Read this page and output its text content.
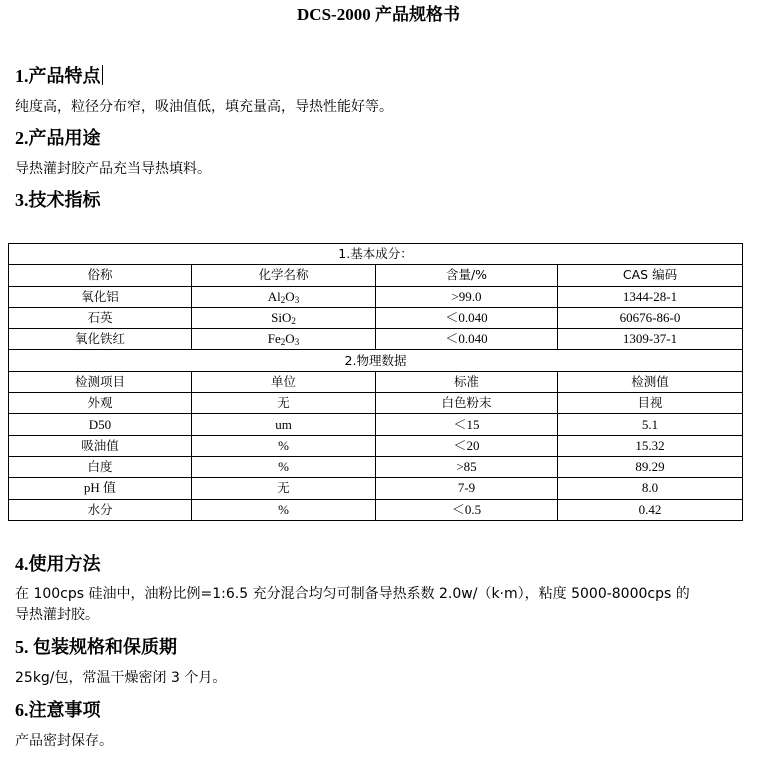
DCS-2000 产品规格书
1.产品特点
纯度高，粒径分布窄，吸油值低，填充量高，导热性能好等。
2.产品用途
导热灌封胶产品充当导热填料。
3.技术指标
1.基本成分：			
俗称	化学名称	含量/%	CAS 编码
氧化铝	$Al_2O_3$	>99.0	1344-28-1
石英	SiO$_2$	＜0.040	60676-86-0
氧化铁红	$Fe_2O_3$	＜0.040	1309-37-1
2.物理数据			
检测项目	单位	标准	检测值
外观	无	白色粉末	目视
D50	um	＜15	5.1
吸油值	%	＜20	15.32
白度	%	>85	89.29
pH 值	无	7-9	8.0
水分	%	＜0.5	0.42
4.使用方法
在 100cps 硅油中，油粉比例=1:6.5 充分混合均匀可制备导热系数 2.0w/（k·m），粘度 5000-8000cps 的
导热灌封胶。
5. 包装规格和保质期
25kg/包，常温干燥密闭 3 个月。
6.注意事项
产品密封保存。
